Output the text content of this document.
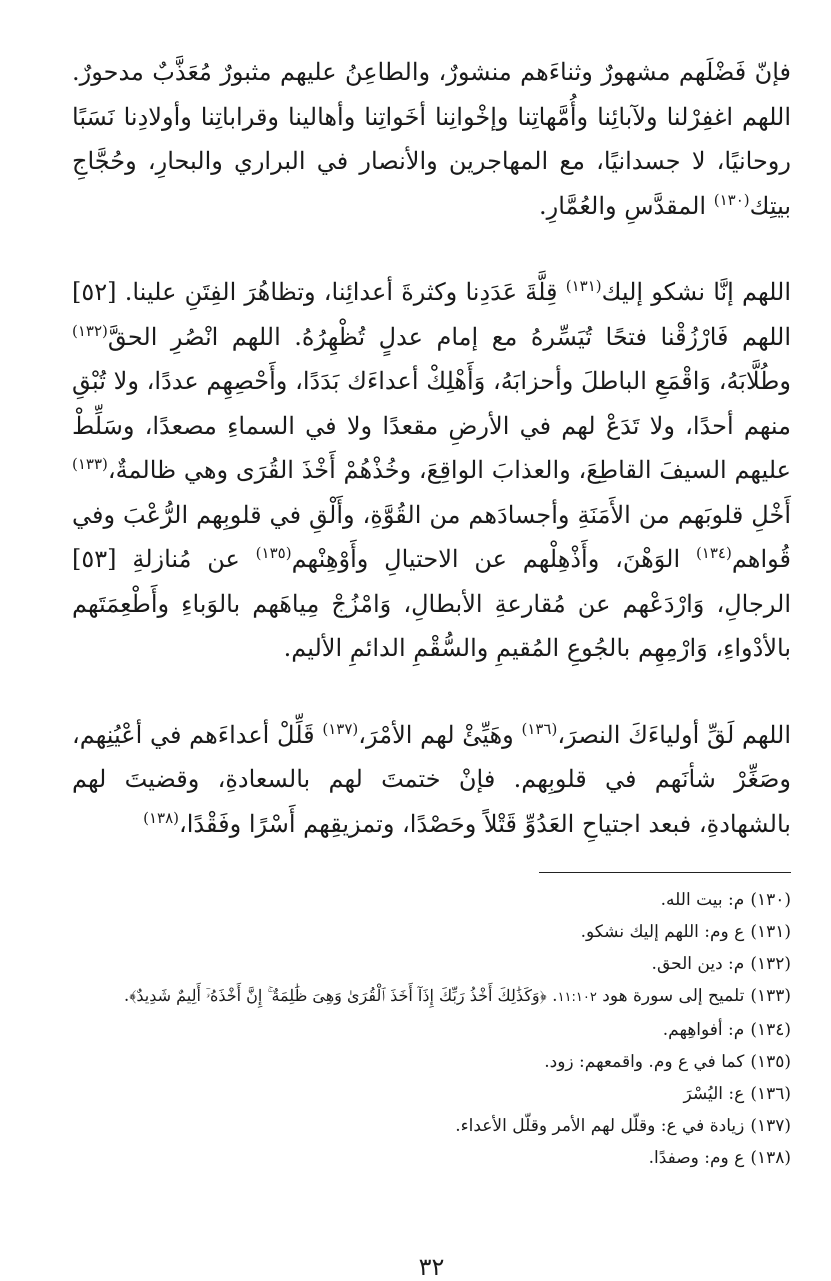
فإنّ فَضْلَهم مشهورٌ وثناءَهم منشورٌ، والطاعِنُ عليهم مثبورٌ مُعَذَّبٌ مدحورٌ. اللهم اغفِرْلنا ولآبائِنا وأُمَّهاتِنا وإخْوانِنا أخَواتِنا وأهالينا وقراباتِنا وأولادِنا نَسَبًا روحانيًا، لا جسدانيًا، مع المهاجرين والأنصار في البراري والبحارِ، وحُجَّاجِ بيتِك$^{(١٣٠)}$ المقدَّسِ والعُمَّارِ.

اللهم إنَّا نشكو إليك$^{(١٣١)}$ قِلَّةَ عَدَدِنا وكثرةَ أعدائِنا، وتظاهُرَ الفِتَنِ علينا. [٥٢] اللهم فَارْزُقْنا فتحًا تُيَسِّرهُ مع إمام عدلٍ تُظْهِرُهُ. اللهم انْصُرِ الحقَّ$^{(١٣٢)}$ وطُلَّابَهُ، وَاقْمَعِ الباطلَ وأحزابَهُ، وَأَهْلِكْ أعداءَك بَدَدًا، وأَحْصِهِم عددًا، ولا تُبْقِ منهم أحدًا، ولا تَدَعْ لهم في الأرضِ مقعدًا ولا في السماءِ مصعدًا، وسَلِّطْ عليهم السيفَ القاطِعَ، والعذابَ الواقِعَ، وخُذْهُمْ أَخْذَ القُرَى وهي ظالمةٌ،$^{(١٣٣)}$ أَخْلِ قلوبَهم من الأَمَنَةِ وأجسادَهم من القُوَّةِ، وأَلْقِ في قلوبِهم الرُّعْبَ وفي قُواهم$^{(١٣٤)}$ الوَهْنَ، وأَذْهِلْهم عن الاحتيالِ وأَوْهِنْهم$^{(١٣٥)}$ عن مُنازلةِ [٥٣] الرجالِ، وَارْدَعْهم عن مُقارعةِ الأبطالِ، وَامْزُجْ مِياهَهم بالوَباءِ وأَطْعِمَتَهم بالأدْواءِ، وَارْمِهِم بالجُوعِ المُقيمِ والسُّقْمِ الدائمِ الأليم.

اللهم لَقِّ أولياءَكَ النصرَ،$^{(١٣٦)}$ وهَيِّئْ لهم الأمْرَ،$^{(١٣٧)}$ قَلِّلْ أعداءَهم في أعْيُنِهم، وصَغِّرْ شأنَهم في قلوبِهم. فإنْ ختمتَ لهم بالسعادةِ، وقضيتَ لهم بالشهادةِ، فبعد اجتياحِ العَدُوِّ قَتْلاً وحَصْدًا، وتمزيقِهم أَسْرًا وفَقْدًا،$^{(١٣٨)}$

(١٣٠)م: بيت الله.
(١٣١)ع وم: اللهم إليك نشكو.
(١٣٢)م: دين الحق.
(١٣٣)تلميح إلى سورة هود ١١:١٠٢. ﴿وَكَذَٰلِكَ أَخْذُ رَبِّكَ إِذَآ أَخَذَ ٱلْقُرَىٰ وَهِىَ ظَٰلِمَةٌ ۚ إِنَّ أَخْذَهُۥٓ أَلِيمٌ شَدِيدٌ﴾.
(١٣٤)م: أفواهِهم.
(١٣٥)كما في ع وم. واقمعهم: زود.
(١٣٦)ع: اليُسْرَ
(١٣٧)زيادة في ع: وقلّل لهم الأمر وقلّل الأعداء.
(١٣٨)ع وم: وصفدًا.

٣٢
